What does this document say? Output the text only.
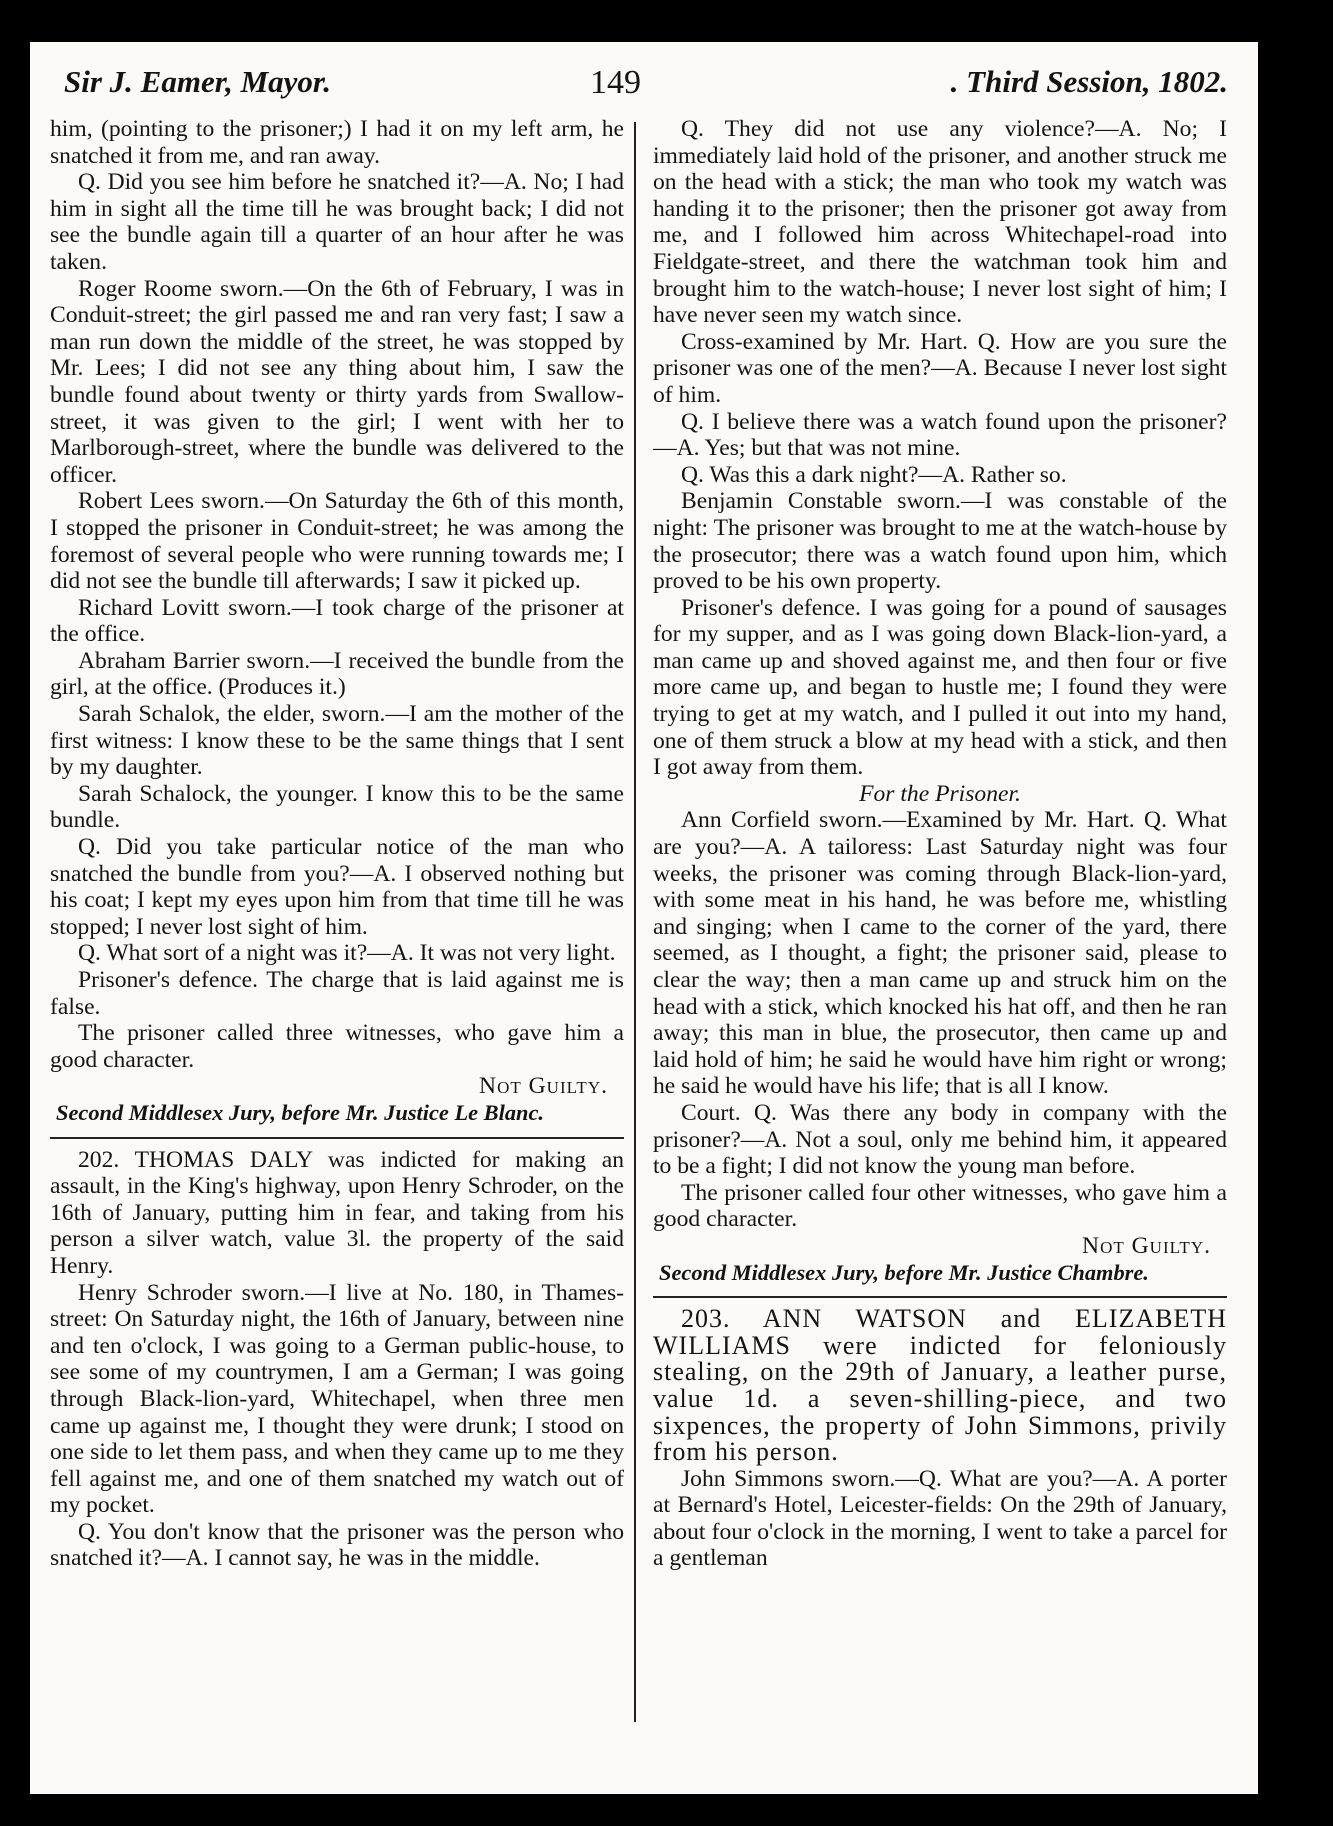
Sir J. Eamer, Mayor.	149	. Third Session, 1802.

him, (pointing to the prisoner;) I had it on my left arm, he snatched it from me, and ran away.

Q. Did you see him before he snatched it?—A. No; I had him in sight all the time till he was brought back; I did not see the bundle again till a quarter of an hour after he was taken.

Roger Roome sworn.—On the 6th of February, I was in Conduit-street; the girl passed me and ran very fast; I saw a man run down the middle of the street, he was stopped by Mr. Lees; I did not see any thing about him, I saw the bundle found about twenty or thirty yards from Swallow-street, it was given to the girl; I went with her to Marlborough-street, where the bundle was delivered to the officer.

Robert Lees sworn.—On Saturday the 6th of this month, I stopped the prisoner in Conduit-street; he was among the foremost of several people who were running towards me; I did not see the bundle till afterwards; I saw it picked up.

Richard Lovitt sworn.—I took charge of the prisoner at the office.

Abraham Barrier sworn.—I received the bundle from the girl, at the office. (Produces it.)

Sarah Schalok, the elder, sworn.—I am the mother of the first witness: I know these to be the same things that I sent by my daughter.

Sarah Schalock, the younger. I know this to be the same bundle.

Q. Did you take particular notice of the man who snatched the bundle from you?—A. I observed nothing but his coat; I kept my eyes upon him from that time till he was stopped; I never lost sight of him.

Q. What sort of a night was it?—A. It was not very light.

Prisoner's defence. The charge that is laid against me is false.

The prisoner called three witnesses, who gave him a good character.

Not Guilty.

Second Middlesex Jury, before Mr. Justice Le Blanc.

202. THOMAS DALY was indicted for making an assault, in the King's highway, upon Henry Schroder, on the 16th of January, putting him in fear, and taking from his person a silver watch, value 3l. the property of the said Henry.

Henry Schroder sworn.—I live at No. 180, in Thames-street: On Saturday night, the 16th of January, between nine and ten o'clock, I was going to a German public-house, to see some of my countrymen, I am a German; I was going through Black-lion-yard, Whitechapel, when three men came up against me, I thought they were drunk; I stood on one side to let them pass, and when they came up to me they fell against me, and one of them snatched my watch out of my pocket.

Q. You don't know that the prisoner was the person who snatched it?—A. I cannot say, he was in the middle.

Q. They did not use any violence?—A. No; I immediately laid hold of the prisoner, and another struck me on the head with a stick; the man who took my watch was handing it to the prisoner; then the prisoner got away from me, and I followed him across Whitechapel-road into Fieldgate-street, and there the watchman took him and brought him to the watch-house; I never lost sight of him; I have never seen my watch since.

Cross-examined by Mr. Hart. Q. How are you sure the prisoner was one of the men?—A. Because I never lost sight of him.

Q. I believe there was a watch found upon the prisoner?—A. Yes; but that was not mine.

Q. Was this a dark night?—A. Rather so.

Benjamin Constable sworn.—I was constable of the night: The prisoner was brought to me at the watch-house by the prosecutor; there was a watch found upon him, which proved to be his own property.

Prisoner's defence. I was going for a pound of sausages for my supper, and as I was going down Black-lion-yard, a man came up and shoved against me, and then four or five more came up, and began to hustle me; I found they were trying to get at my watch, and I pulled it out into my hand, one of them struck a blow at my head with a stick, and then I got away from them.

For the Prisoner.

Ann Corfield sworn.—Examined by Mr. Hart. Q. What are you?—A. A tailoress: Last Saturday night was four weeks, the prisoner was coming through Black-lion-yard, with some meat in his hand, he was before me, whistling and singing; when I came to the corner of the yard, there seemed, as I thought, a fight; the prisoner said, please to clear the way; then a man came up and struck him on the head with a stick, which knocked his hat off, and then he ran away; this man in blue, the prosecutor, then came up and laid hold of him; he said he would have him right or wrong; he said he would have his life; that is all I know.

Court. Q. Was there any body in company with the prisoner?—A. Not a soul, only me behind him, it appeared to be a fight; I did not know the young man before.

The prisoner called four other witnesses, who gave him a good character.

Not Guilty.

Second Middlesex Jury, before Mr. Justice Chambre.

203. ANN WATSON and ELIZABETH WILLIAMS were indicted for feloniously stealing, on the 29th of January, a leather purse, value 1d. a seven-shilling-piece, and two sixpences, the property of John Simmons, privily from his person.

John Simmons sworn.—Q. What are you?—A. A porter at Bernard's Hotel, Leicester-fields: On the 29th of January, about four o'clock in the morning, I went to take a parcel for a gentleman
